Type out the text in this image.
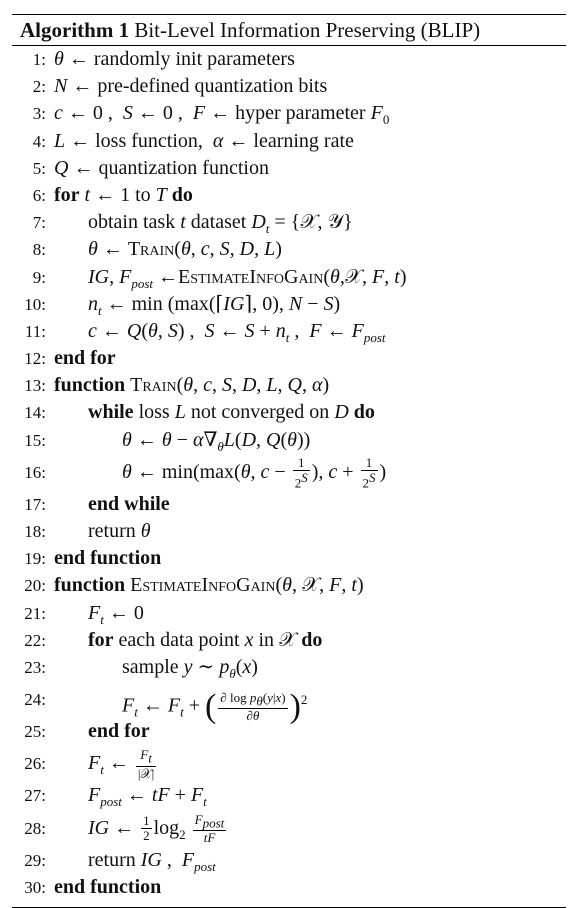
Algorithm 1 Bit-Level Information Preserving (BLIP)
1: θ ← randomly init parameters
2: N ← pre-defined quantization bits
3: c ← 0 ,  S ← 0 ,  F ← hyper parameter $F_0$
4: L ← loss function,  α ← learning rate
5: Q ← quantization function
6: for t ← 1 to T do
7: obtain task t dataset $D_t$ = {𝒳, 𝒴}
8: θ ← Train(θ, c, S, D, L)
9: IG, $F_{post}$ ←EstimateInfoGain(θ,𝒳, F, t)
10: $n_t$ ← min (max(⌈IG⌉, 0), N − S)
11: c ← Q(θ, S) ,  S ← $S + n_t$ ,  F ← $F_{post}$
12: end for
13: function Train(θ, c, S, D, L, Q, α)
14: while loss L not converged on D do
15:	θ ← $\theta - \alpha\nabla_\theta L(D$, Q(θ))
16:	θ ← min(max(θ, $c - \frac{1}{2^S}$ ), $c + \frac{1}{2^S}$ )
17: end while
18: return θ
19: end function
20: function EstimateInfoGain(θ, 𝒳, F, t)
21: $F_t$ ← 0
22: for each data point x in 𝒳 do
23:	sample y ∼ $p_\theta(x)$
24:	$F_t$ ← $F_t$ + ( $\frac{\partial \log p_\theta(y|x)}{\partial\theta} )^2$
25: end for
26: $F_t$ ← $\frac{F_t}{\text{|𝒳|}}$
27: $F_{post}$ ← tF + $F_t$
28: IG ← $\frac{1}{2} \log_2 \frac{F_{post}}{tF}$
29: return IG ,  $F_{post}$
30: end function
